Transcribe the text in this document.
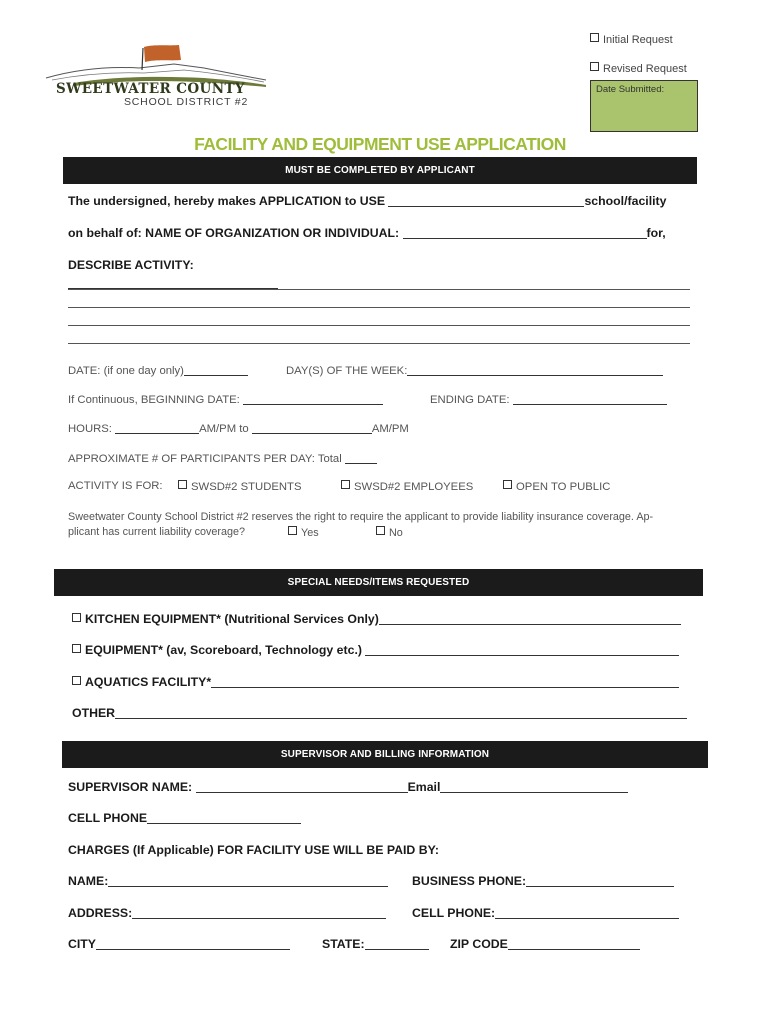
SWEETWATER COUNTY
SCHOOL DISTRICT #2
Initial Request
Revised Request
Date Submitted:
FACILITY AND EQUIPMENT USE APPLICATION
MUST BE COMPLETED BY APPLICANT
The undersigned, hereby makes APPLICATION to USE	school/facility
on behalf of: NAME OF ORGANIZATION OR INDIVIDUAL:	for,
DESCRIBE ACTIVITY:
DATE: (if one day only)	DAY(S) OF THE WEEK:
If Continuous, BEGINNING DATE:	ENDING DATE:
HOURS:	AM/PM to	AM/PM
APPROXIMATE # OF PARTICIPANTS PER DAY: Total
ACTIVITY IS FOR:	SWSD#2 STUDENTS	SWSD#2 EMPLOYEES	OPEN TO PUBLIC
Sweetwater County School District #2 reserves the right to require the applicant to provide liability insurance coverage. Ap-
plicant has current liability coverage?	Yes	No
SPECIAL NEEDS/ITEMS REQUESTED
KITCHEN EQUIPMENT* (Nutritional Services Only)
EQUIPMENT* (av, Scoreboard, Technology etc.)
AQUATICS FACILITY*
OTHER
SUPERVISOR AND BILLING INFORMATION
SUPERVISOR NAME:	Email
CELL PHONE
CHARGES (If Applicable) FOR FACILITY USE WILL BE PAID BY:
NAME:	BUSINESS PHONE:
ADDRESS:	CELL PHONE:
CITY	STATE:	ZIP CODE
